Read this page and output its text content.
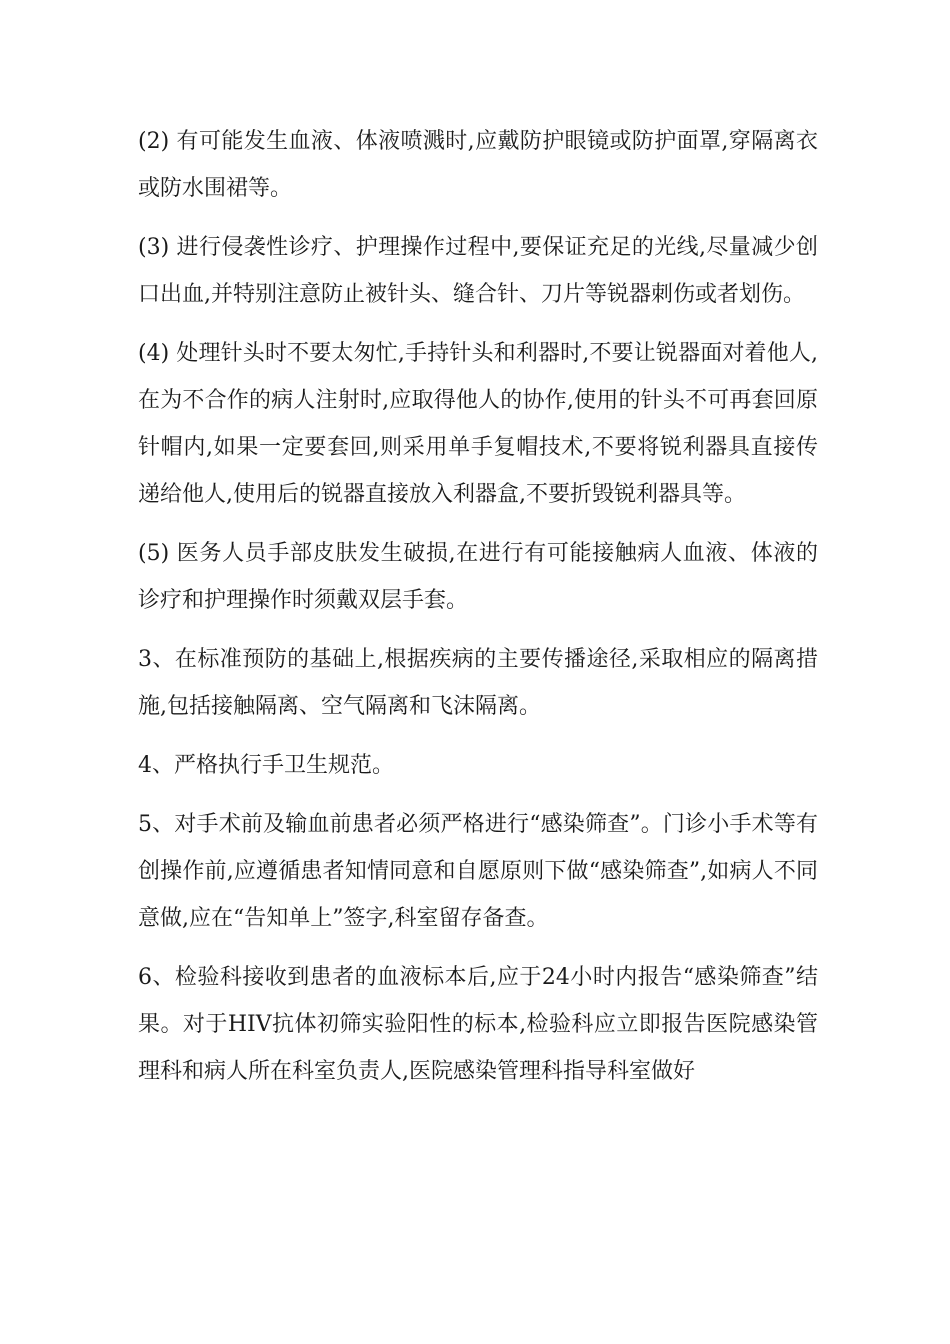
(2) 有可能发生血液、体液喷溅时,应戴防护眼镜或防护面罩,穿隔离衣或防水围裙等。

(3) 进行侵袭性诊疗、护理操作过程中,要保证充足的光线,尽量减少创口出血,并特别注意防止被针头、缝合针、刀片等锐器刺伤或者划伤。

(4) 处理针头时不要太匆忙,手持针头和利器时,不要让锐器面对着他人,在为不合作的病人注射时,应取得他人的协作,使用的针头不可再套回原针帽内,如果一定要套回,则采用单手复帽技术,不要将锐利器具直接传递给他人,使用后的锐器直接放入利器盒,不要折毁锐利器具等。

(5) 医务人员手部皮肤发生破损,在进行有可能接触病人血液、体液的诊疗和护理操作时须戴双层手套。

3、在标准预防的基础上,根据疾病的主要传播途径,采取相应的隔离措施,包括接触隔离、空气隔离和飞沫隔离。

4、严格执行手卫生规范。

5、对手术前及输血前患者必须严格进行“感染筛查”。门诊小手术等有创操作前,应遵循患者知情同意和自愿原则下做“感染筛查”,如病人不同意做,应在“告知单上”签字,科室留存备查。

6、检验科接收到患者的血液标本后,应于24小时内报告“感染筛查”结果。对于HIV抗体初筛实验阳性的标本,检验科应立即报告医院感染管理科和病人所在科室负责人,医院感染管理科指导科室做好
